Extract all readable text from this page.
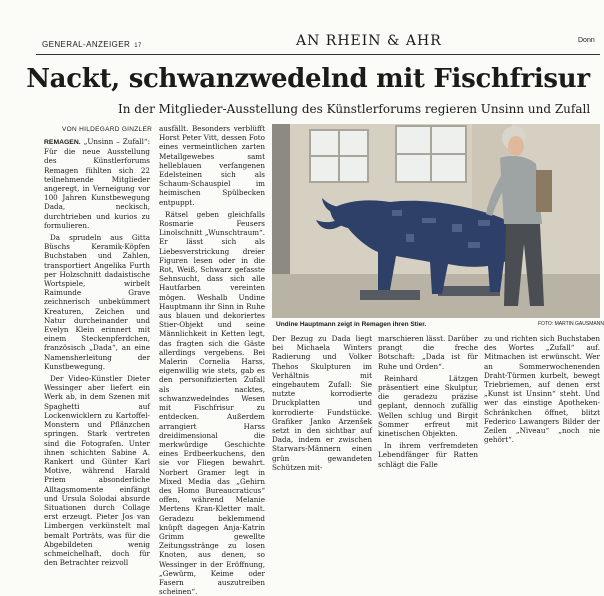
GENERAL-ANZEIGER 17	AN RHEIN & AHR	Donn
Nackt, schwanzwedelnd mit Fischfrisur
In der Mitglieder-Ausstellung des Künstlerforums regieren Unsinn und Zufall
VON HILDEGARD GINZLER

REMAGEN. „Unsinn – Zufall“: Für die neue Ausstellung des Künstlerforums Remagen fühlten sich 22 teilnehmende Mitglieder angeregt, in Verneigung vor 100 Jahren Kunstbewegung Dada, neckisch, durchtrieben und kurios zu formulieren.

Da sprudeln aus Gitta Büschs Keramik-Köpfen Buchstaben und Zahlen, transportiert Angelika Furth per Holzschnitt dadaistische Wortspiele, wirbelt Raimunde Grave zeichnerisch unbekümmert Kreaturen, Zeichen und Natur durcheinander und Evelyn Klein erinnert mit einem Steckenpferdchen, französisch „Dada“, an eine Namensherleitung der Kunstbewegung.

Der Video-Künstler Dieter Wessinger aber liefert ein Werk ab, in dem Szenen mit Spaghetti auf Lockenwicklern zu Kartoffel-Monstern und Pflänzchen springen. Stark vertreten sind die Fotografen. Unter ihnen schichten Sabine A. Rankert und Günter Karl Motive, während Harald Priem absonderliche Alltagsmomente einfängt und Ursula Solodai absurde Situationen durch Collage erst erzeugt. Pieter Jos van Limbergen verkünstelt mal bemalt Porträts, was für die Abgebildeten wenig schmeichelhaft, doch für den Betrachter reizvoll

ausfällt. Besonders verblüfft Horst Peter Vitt, dessen Foto eines vermeintlichen zarten Metallgewebes samt helleblauen verfangenen Edelsteinen sich als Schaum-Schauspiel im heimischen Spülbecken entpuppt.

Rätsel geben gleichfalls Rosmarie Feusers Linolschnitt „Wunschtraum“. Er lässt sich als Liebesverstrickung dreier Figuren lesen oder in die Rot, Weiß, Schwarz gefasste Sehnsucht, dass sich alle Hautfarben vereinten mögen. Weshalb Undine Hauptmann ihr Sinn in Ruhe aus blauen und dekoriertes Stier-Objekt und seine Männlichkeit in Ketten legt, das fragten sich die Gäste allerdings vergebens. Bei Malerin Cornelia Harss, eigenwillig wie stets, gab es den personifizierten Zufall als nacktes, schwanzwedelndes Wesen mit Fischfrisur zu entdecken. Außerdem arrangiert Harss dreidimensional die merkwürdige Geschichte eines Erdbeerkuchens, den sie vor Fliegen bewahrt. Norbert Gramer legt in Mixed Media das „Gehirn des Homo Bureaucraticus“ offen, während Melanie Mertens Kran-Kletter malt. Geradezu beklemmend knüpft dagegen Anja-Katrin Grimm gewellte Zeitungsstränge zu losen Knoten, aus denen, so Wessinger in der Eröffnung, „Gewürm, Keime oder Fasern auszutreiben scheinen“.

Undine Hauptmann zeigt in Remagen ihren Stier.	FOTO: MARTIN GAUSMANN

Der Bezug zu Dada liegt bei Michaela Winters Radierung und Volker Thehos Skulpturen im Verhältnis mit eingebautem Zufall: Sie nutzte korrodierte Druckplatten und korrodierte Fundstücke. Grafiker Janko Arzenšek setzt in den sichtbar auf Dada, indem er zwischen Starwars-Männern einen grün gewandeten Schützen mit-

marschieren lässt. Darüber prangt die freche Botschaft: „Dada ist für Ruhe und Orden“.

Reinhard Lätzgen präsentiert eine Skulptur, die geradezu präzise geplant, dennoch zufällig Wellen schlug und Birgit Sommer erfreut mit kinetischen Objekten.

In ihrem verfremdeten Lebendfänger für Ratten schlägt die Falle

zu und richten sich Buchstaben des Wortes „Zufall“ auf. Mitmachen ist erwünscht. Wer an Sommerwochenenden Draht-Türmen kurbelt, bewegt Triebriemen, auf denen erst „Kunst ist Unsinn“ steht. Und wer das einstige Apotheken-Schränkchen öffnet, blitzt Federico Lawangers Bilder der Zeilen „Niveau“ „noch nie gehört“.
